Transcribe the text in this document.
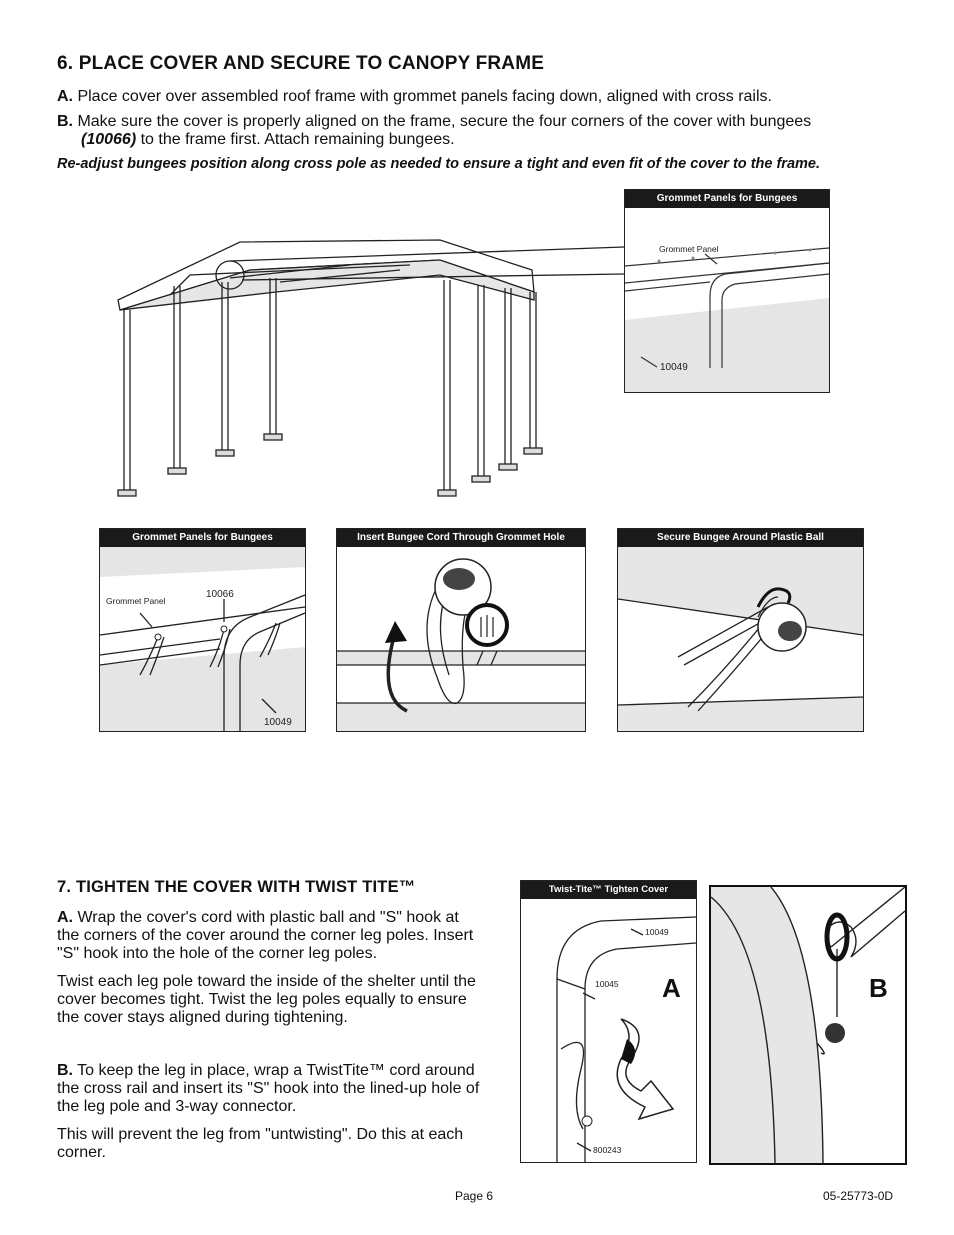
6. PLACE COVER AND SECURE TO CANOPY FRAME
A. Place cover over assembled roof frame with grommet panels facing down, aligned with cross rails.
B. Make sure the cover is properly aligned on the frame, secure the four corners of the cover with bungees
(10066) to the frame first. Attach remaining bungees.
Re-adjust bungees position along cross pole as needed to ensure a tight and even fit of the cover to the frame.
Grommet Panels for Bungees
Grommet Panel
10049
Grommet Panels for Bungees
Grommet Panel
10066
10049
Insert Bungee Cord Through Grommet Hole	Secure Bungee Around Plastic Ball
7. TIGHTEN THE COVER WITH TWIST TITE™
A. Wrap the cover's cord with plastic ball and "S" hook at the corners of the cover around the corner leg poles. Insert "S" hook into the hole of the corner leg poles.
Twist each leg pole toward the inside of the shelter until the cover becomes tight. Twist the leg poles equally to ensure the cover stays aligned during tightening.
B. To keep the leg in place, wrap a TwistTite™ cord around the cross rail and insert its "S" hook into the lined-up hole of the leg pole and 3-way connector.
This will prevent the leg from "untwisting". Do this at each corner.
Twist-Tite™ Tighten Cover
10049
10045
800243
A	B
Page 6	05-25773-0D
